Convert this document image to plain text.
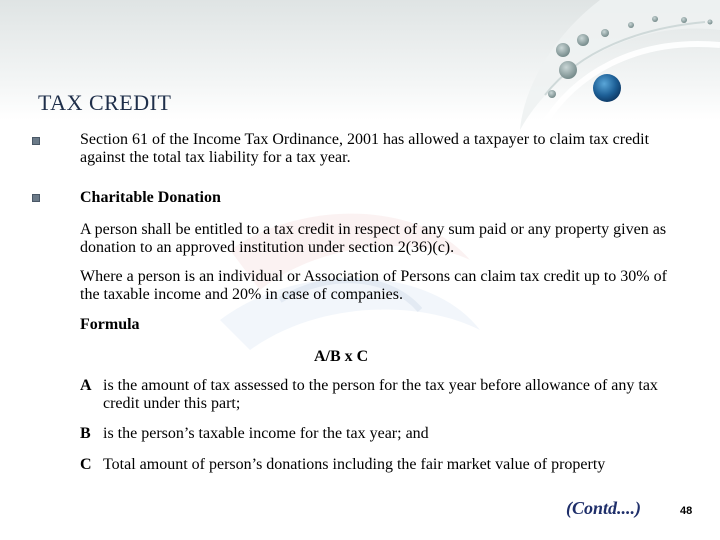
TAX CREDIT
Section 61 of the Income Tax Ordinance, 2001 has allowed a taxpayer to claim tax credit against the total tax liability for a tax year.
Charitable Donation
A person shall be entitled to a tax credit in respect of any sum paid or any property given as donation to an approved institution under section 2(36)(c).
Where a person is an individual or Association of Persons can claim tax credit up to 30% of the taxable income and 20% in case of companies.
Formula
A/B x C
A is the amount of tax assessed to the person for the tax year before allowance of any tax credit under this part;
B is the person’s taxable income for the tax year; and
C Total amount of person’s donations including the fair market value of property
(Contd....)	48
